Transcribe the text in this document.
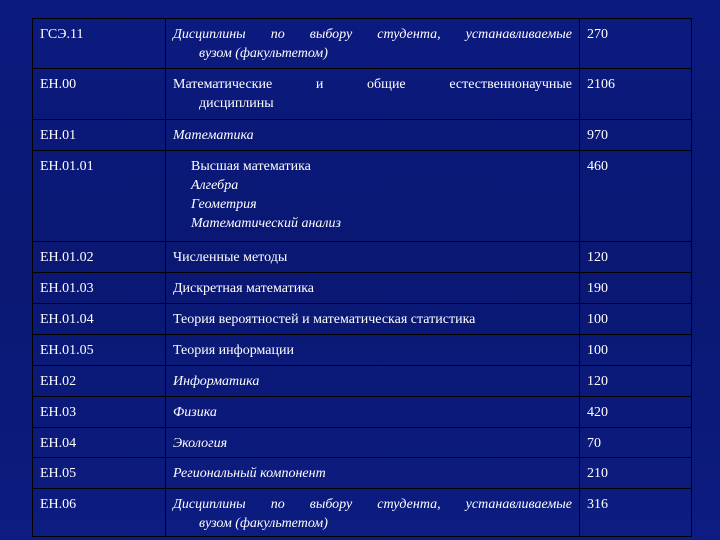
ГСЭ.11	Дисциплины по выбору студента, устанавливаемые
вузом (факультетом)	270
ЕН.00	Математические и общие естественнонаучные
дисциплины	2106
ЕН.01	Математика	970
ЕН.01.01	Высшая математика
Алгебра
Геометрия
Математический анализ	460
ЕН.01.02	Численные методы	120
ЕН.01.03	Дискретная математика	190
ЕН.01.04	Теория вероятностей и математическая статистика	100
ЕН.01.05	Теория информации	100
ЕН.02	Информатика	120
ЕН.03	Физика	420
ЕН.04	Экология	70
ЕН.05	Региональный компонент	210
ЕН.06	Дисциплины по выбору студента, устанавливаемые
вузом (факультетом)	316
